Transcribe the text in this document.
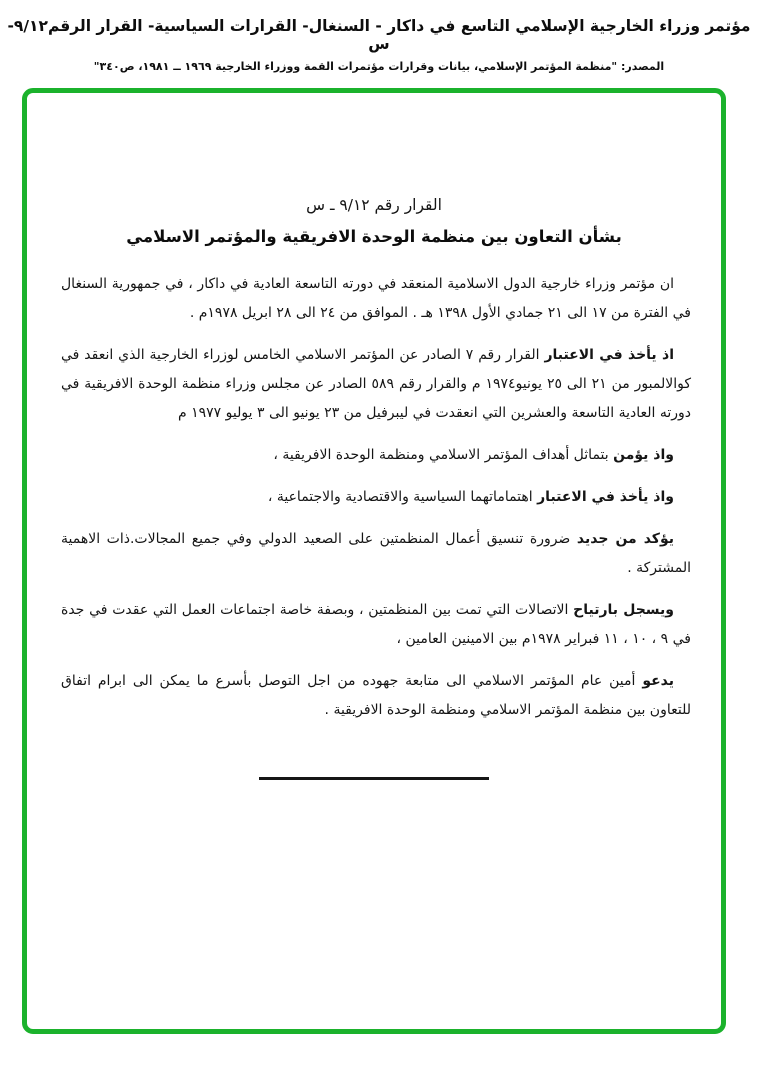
مؤتمر وزراء الخارجية الإسلامي التاسع في داكار - السنغال- القرارات السياسية- القرار الرقم٩/١٢- س
المصدر: "منظمة المؤتمر الإسلامي، بيانات وقرارات مؤتمرات القمة ووزراء الخارجية ١٩٦٩ ــ ١٩٨١، ص٣٤٠"
القرار رقم ٩/١٢ ـ س
بشأن التعاون بين منظمة الوحدة الافريقية والمؤتمر الاسلامي

ان مؤتمر وزراء خارجية الدول الاسلامية المنعقد في دورته التاسعة العادية في داكار ، في جمهورية السنغال في الفترة من ١٧ الى ٢١ جمادي الأول ١٣٩٨ هـ . الموافق من ٢٤ الى ٢٨ ابريل ١٩٧٨م .

اذ يأخذ في الاعتبار القرار رقم ٧ الصادر عن المؤتمر الاسلامي الخامس لوزراء الخارجية الذي انعقد في كوالالمبور من ٢١ الى ٢٥ يونيو١٩٧٤ م والقرار رقم ٥٨٩ الصادر عن مجلس وزراء منظمة الوحدة الافريقية في دورته العادية التاسعة والعشرين التي انعقدت في ليبرفيل من ٢٣ يونيو الى ٣ يوليو ١٩٧٧ م

واذ يؤمن بتماثل أهداف المؤتمر الاسلامي ومنظمة الوحدة الافريقية ،

واذ يأخذ في الاعتبار اهتماماتهما السياسية والاقتصادية والاجتماعية ،

يؤكد من جديد ضرورة تنسيق أعمال المنظمتين على الصعيد الدولي وفي جميع المجالات.ذات الاهمية المشتركة .

ويسجل بارتياح الاتصالات التي تمت بين المنظمتين ، وبصفة خاصة اجتماعات العمل التي عقدت في جدة في ٩ ، ١٠ ، ١١ فبراير ١٩٧٨م بين الامينين العامين ،

يدعو أمين عام المؤتمر الاسلامي الى متابعة جهوده من اجل التوصل بأسرع ما يمكن الى ابرام اتفاق للتعاون بين منظمة المؤتمر الاسلامي ومنظمة الوحدة الافريقية .
